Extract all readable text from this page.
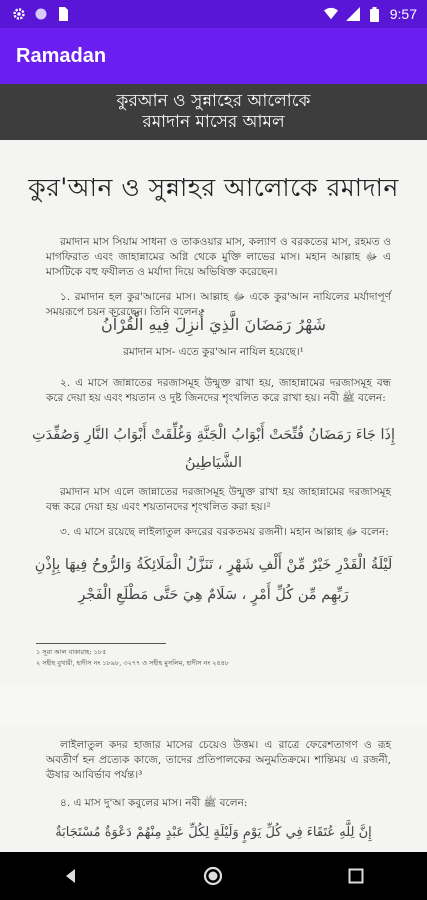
9:57
Ramadan
কুরআন ও সুন্নাহের আলোকে
রমাদান মাসের আমল
কুর'আন ও সুন্নাহর আলোকে রমাদান
রমাদান মাস সিয়াম সাধনা ও তাকওয়ার মাস, কল্যাণ ও বরকতের মাস, রহমত ও মাগফিরাত এবং জাহান্নামের অগ্নি থেকে মুক্তি লাভের মাস। মহান আল্লাহ ﷻ এ মাসটিকে বহু ফযীলত ও মর্যাদা দিয়ে অভিষিক্ত করেছেন।
১. রমাদান হল কুর'আনের মাস। আল্লাহ ﷻ একে কুর'আন নাযিলের মর্যাদাপূর্ণ সময়রূপে চয়ন করেছেন। তিনি বলেন:
شَهْرُ رَمَضَانَ الَّذِيَ أُنزِلَ فِيهِ الْقُرْآنُ
রমাদান মাস- এতে কুর'আন নাযিল হয়েছে।¹
২. এ মাসে জান্নাতের দরজাসমূহ উন্মুক্ত রাখা হয়, জাহান্নামের দরজাসমূহ বন্ধ করে দেয়া হয় এবং শয়তান ও দুষ্ট জিনদের শৃংখলিত করে রাখা হয়। নবী ﷺ বলেন:
إِذَا جَاءَ رَمَضَانُ فُتِّحَتْ أَبْوَابُ الْجَنَّةِ وَغُلِّقَتْ أَبْوَابُ النَّارِ وَصُفِّدَتِ
الشَّيَاطِينُ
রমাদান মাস এলে জান্নাতের দরজাসমূহ উন্মুক্ত রাখা হয় জাহান্নামের দরজাসমূহ বন্ধ করে দেয়া হয় এবং শয়তানদের শৃংখলিত করা হয়।²
৩. এ মাসে রয়েছে লাইলাতুল কদরের বরকতময় রজনী। মহান আল্লাহ ﷻ বলেন:
لَيْلَةُ الْقَدْرِ خَيْرٌ مِّنْ أَلْفِ شَهْرٍ ، تَنَزَّلُ الْمَلَائِكَةُ وَالرُّوحُ فِيهَا بِإِذْنِ
رَبِّهِم مِّن كُلِّ أَمْرٍ ، سَلَامٌ هِيَ حَتَّى مَطْلَعِ الْفَجْرِ
১ সূরা আল বাকারাহ: ১৮৫
২ সহীহ বুখারী, হাদীস নং ১৮৯৮, ৩২৭৭ ও সহীহ মুসলিম, হাদীস নং ২৫৪৮
লাইলাতুল কদর হাজার মাসের চেয়েও উত্তম। এ রাত্রে ফেরেশতাগণ ও রূহ অবতীর্ণ হন প্রত্যেক কাজে, তাদের প্রতিপালকের অনুমতিক্রমে। শান্তিময় এ রজনী, ঊষার আবির্ভাব পর্যন্ত।³
৪. এ মাস দু'আ কবুলের মাস। নবী ﷺ বলেন:
إِنَّ لِلَّهِ عُتَقَاءَ فِي كُلِّ يَوْمٍ وَلَيْلَةٍ لِكُلِّ عَبْدٍ مِنْهُمْ دَعْوَةٌ مُسْتَجَابَةٌ
